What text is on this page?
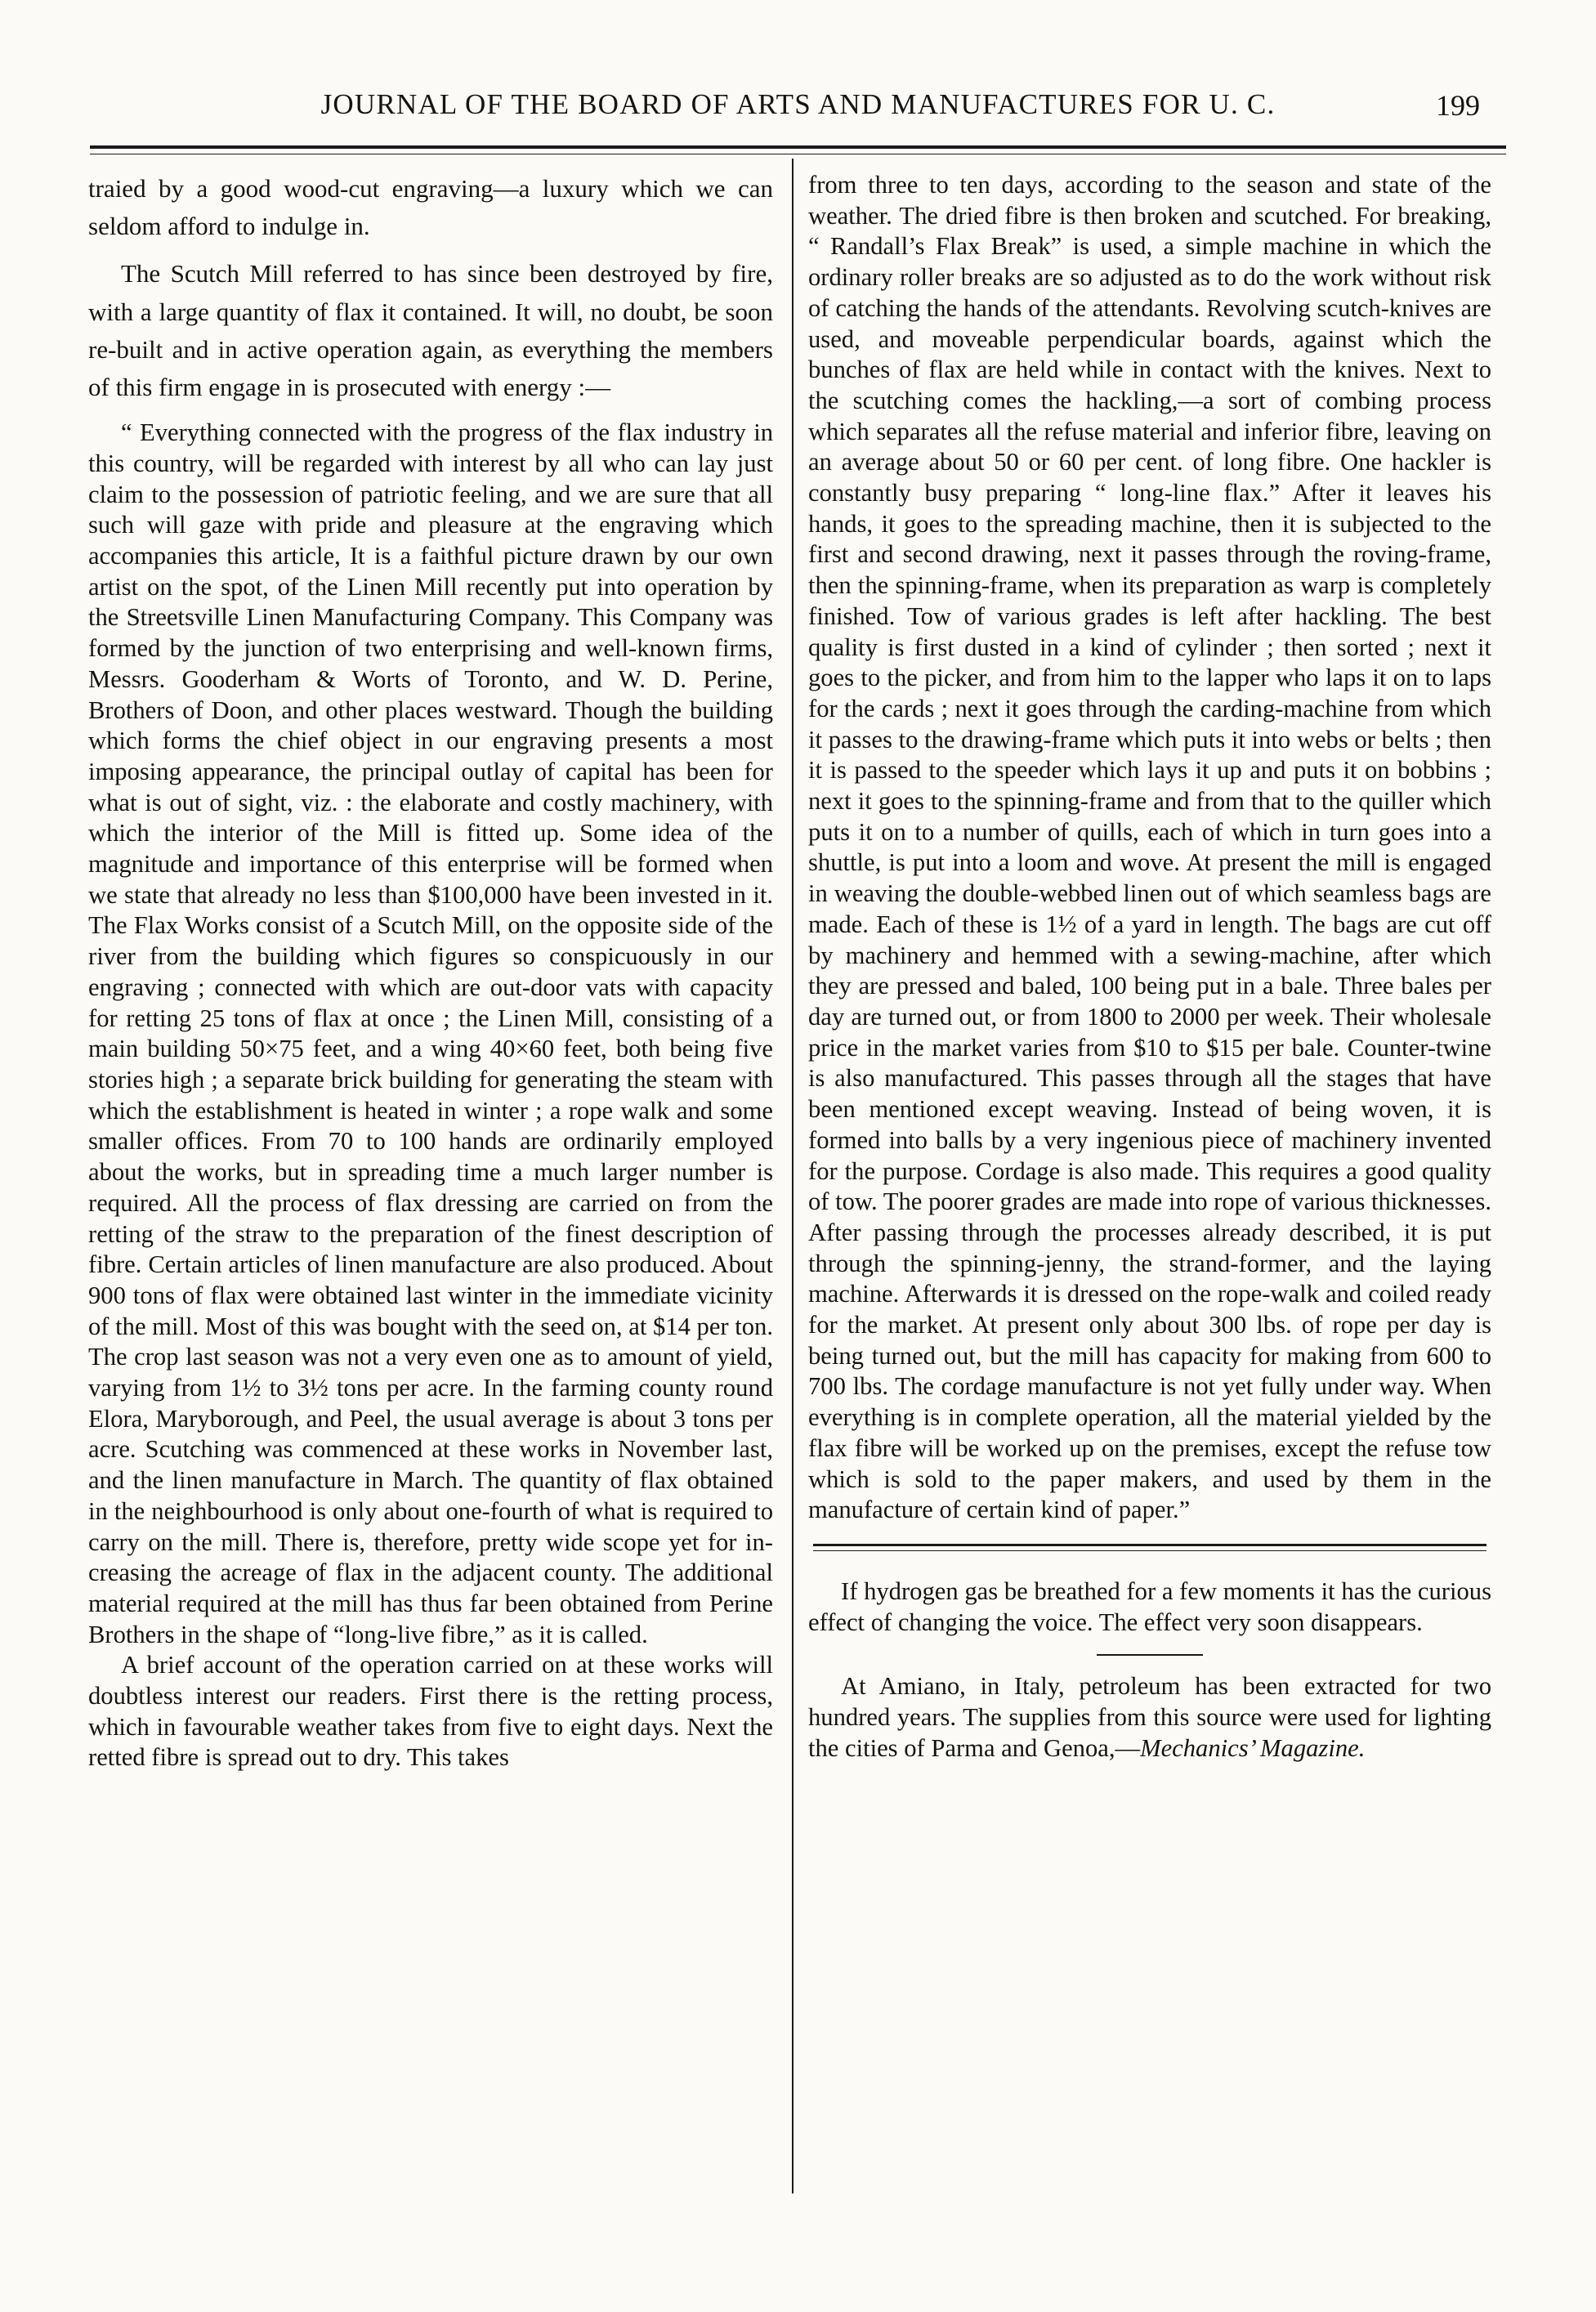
JOURNAL OF THE BOARD OF ARTS AND MANUFACTURES FOR U. C.	199

traied by a good wood-cut engraving—a luxury which we can seldom afford to indulge in.

The Scutch Mill referred to has since been destroyed by fire, with a large quantity of flax it contained. It will, no doubt, be soon re-built and in active operation again, as everything the members of this firm engage in is prosecuted with energy :—

“ Everything connected with the progress of the flax industry in this country, will be regarded with interest by all who can lay just claim to the possession of patriotic feeling, and we are sure that all such will gaze with pride and pleasure at the engraving which accompanies this article, It is a faithful picture drawn by our own artist on the spot, of the Linen Mill recently put into operation by the Streetsville Linen Manufacturing Company. This Company was formed by the junction of two enterprising and well-known firms, Messrs. Gooderham & Worts of Toronto, and W. D. Perine, Brothers of Doon, and other places westward. Though the building which forms the chief object in our engraving presents a most imposing appearance, the principal outlay of capital has been for what is out of sight, viz. : the elaborate and costly machinery, with which the interior of the Mill is fitted up. Some idea of the magnitude and importance of this enterprise will be formed when we state that already no less than $100,000 have been invested in it. The Flax Works consist of a Scutch Mill, on the opposite side of the river from the building which figures so conspicuously in our engraving ; connected with which are out-door vats with capacity for retting 25 tons of flax at once ; the Linen Mill, consisting of a main building 50×75 feet, and a wing 40×60 feet, both being five stories high ; a separate brick building for generating the steam with which the establishment is heated in winter ; a rope walk and some smaller offices. From 70 to 100 hands are ordinarily employed about the works, but in spreading time a much larger number is required. All the process of flax dressing are carried on from the retting of the straw to the preparation of the finest description of fibre. Certain articles of linen manufacture are also produced. About 900 tons of flax were obtained last winter in the immediate vicinity of the mill. Most of this was bought with the seed on, at $14 per ton. The crop last season was not a very even one as to amount of yield, varying from 1½ to 3½ tons per acre. In the farming county round Elora, Maryborough, and Peel, the usual average is about 3 tons per acre. Scutching was commenced at these works in November last, and the linen manufacture in March. The quantity of flax obtained in the neighbourhood is only about one-fourth of what is required to carry on the mill. There is, therefore, pretty wide scope yet for increasing the acreage of flax in the adjacent county. The additional material required at the mill has thus far been obtained from Perine Brothers in the shape of “long-live fibre,” as it is called.

A brief account of the operation carried on at these works will doubtless interest our readers. First there is the retting process, which in favourable weather takes from five to eight days. Next the retted fibre is spread out to dry. This takes

from three to ten days, according to the season and state of the weather. The dried fibre is then broken and scutched. For breaking, “ Randall’s Flax Break” is used, a simple machine in which the ordinary roller breaks are so adjusted as to do the work without risk of catching the hands of the attendants. Revolving scutch-knives are used, and moveable perpendicular boards, against which the bunches of flax are held while in contact with the knives. Next to the scutching comes the hackling,—a sort of combing process which separates all the refuse material and inferior fibre, leaving on an average about 50 or 60 per cent. of long fibre. One hackler is constantly busy preparing “ long-line flax.” After it leaves his hands, it goes to the spreading machine, then it is subjected to the first and second drawing, next it passes through the roving-frame, then the spinning-frame, when its preparation as warp is completely finished. Tow of various grades is left after hackling. The best quality is first dusted in a kind of cylinder ; then sorted ; next it goes to the picker, and from him to the lapper who laps it on to laps for the cards ; next it goes through the carding-machine from which it passes to the drawing-frame which puts it into webs or belts ; then it is passed to the speeder which lays it up and puts it on bobbins ; next it goes to the spinning-frame and from that to the quiller which puts it on to a number of quills, each of which in turn goes into a shuttle, is put into a loom and wove. At present the mill is engaged in weaving the double-webbed linen out of which seamless bags are made. Each of these is 1½ of a yard in length. The bags are cut off by machinery and hemmed with a sewing-machine, after which they are pressed and baled, 100 being put in a bale. Three bales per day are turned out, or from 1800 to 2000 per week. Their wholesale price in the market varies from $10 to $15 per bale. Counter-twine is also manufactured. This passes through all the stages that have been mentioned except weaving. Instead of being woven, it is formed into balls by a very ingenious piece of machinery invented for the purpose. Cordage is also made. This requires a good quality of tow. The poorer grades are made into rope of various thicknesses. After passing through the processes already described, it is put through the spinning-jenny, the strand-former, and the laying machine. Afterwards it is dressed on the rope-walk and coiled ready for the market. At present only about 300 lbs. of rope per day is being turned out, but the mill has capacity for making from 600 to 700 lbs. The cordage manufacture is not yet fully under way. When everything is in complete operation, all the material yielded by the flax fibre will be worked up on the premises, except the refuse tow which is sold to the paper makers, and used by them in the manufacture of certain kind of paper.”

If hydrogen gas be breathed for a few moments it has the curious effect of changing the voice. The effect very soon disappears.

At Amiano, in Italy, petroleum has been extracted for two hundred years. The supplies from this source were used for lighting the cities of Parma and Genoa,—Mechanics’ Magazine.
